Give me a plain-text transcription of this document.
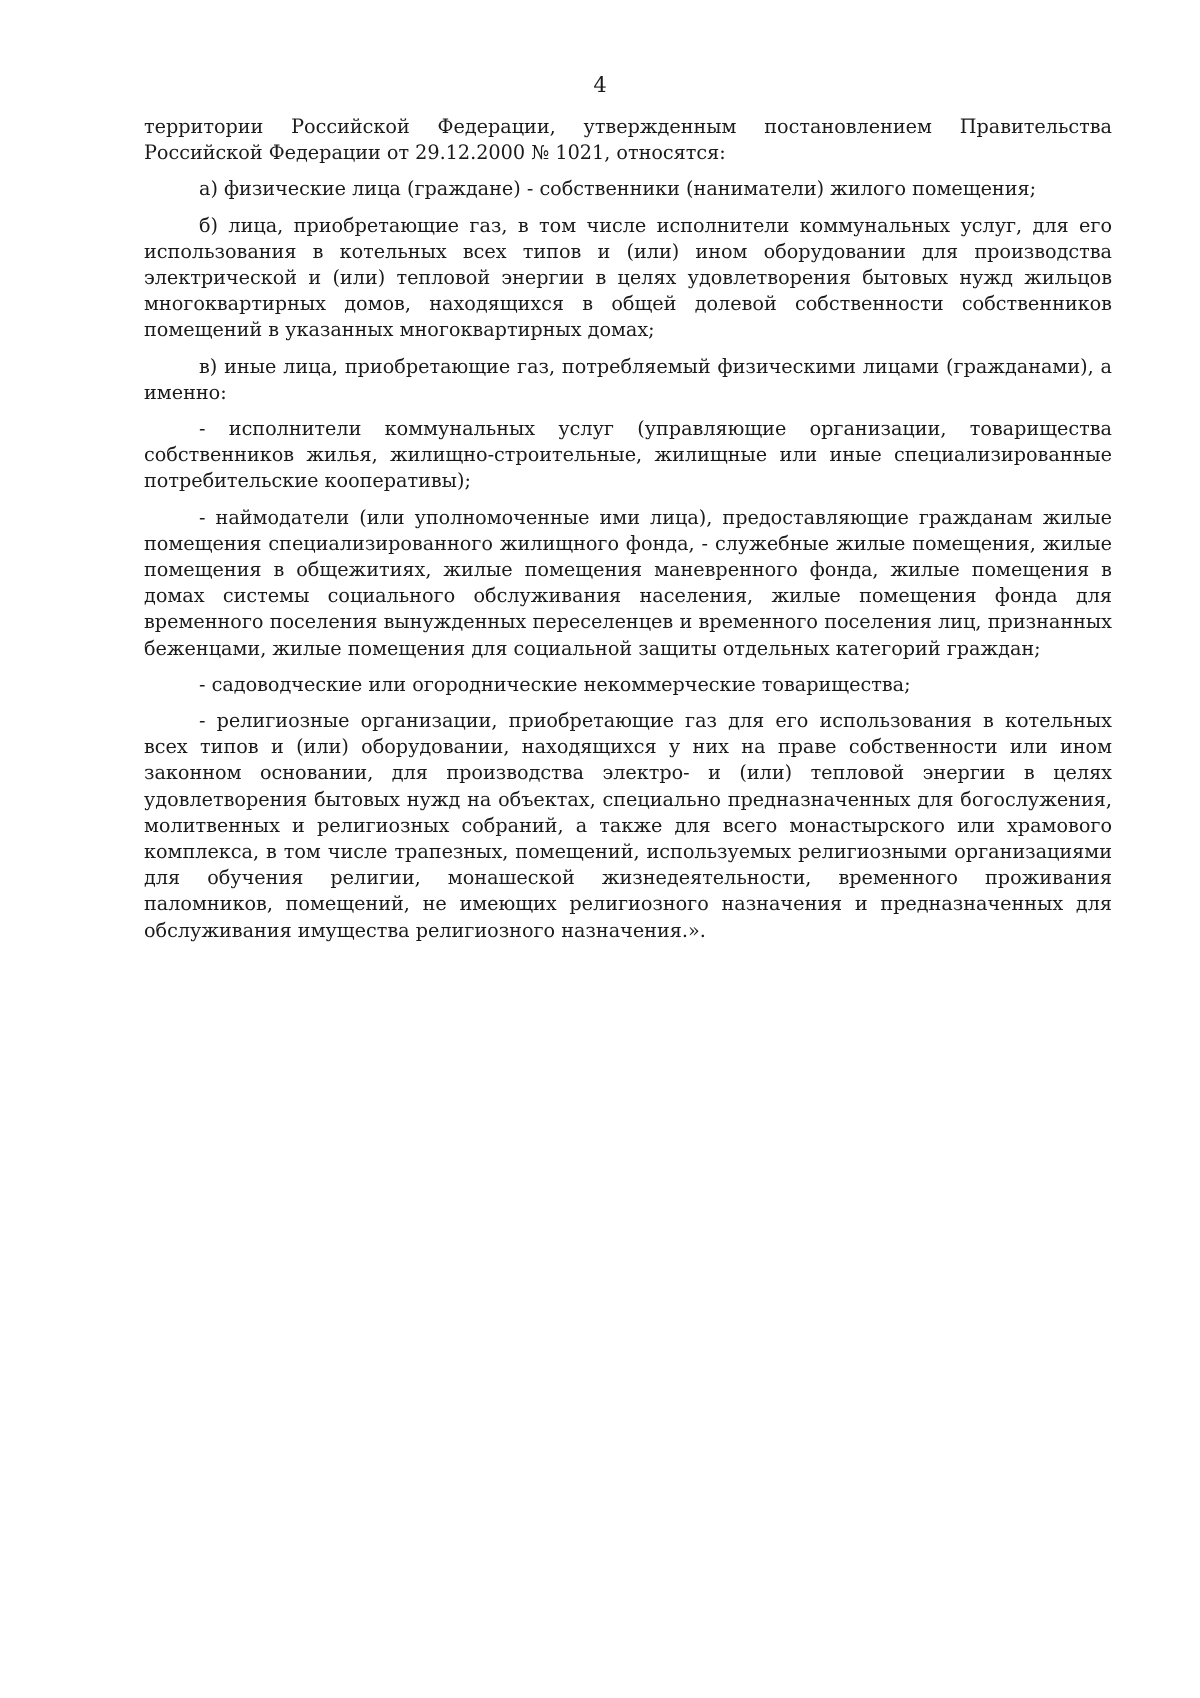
4

территории Российской Федерации, утвержденным постановлением Правительства Российской Федерации от 29.12.2000 № 1021, относятся:

а) физические лица (граждане) - собственники (наниматели) жилого помещения;

б) лица, приобретающие газ, в том числе исполнители коммунальных услуг, для его использования в котельных всех типов и (или) ином оборудовании для производства электрической и (или) тепловой энергии в целях удовлетворения бытовых нужд жильцов многоквартирных домов, находящихся в общей долевой собственности собственников помещений в указанных многоквартирных домах;

в) иные лица, приобретающие газ, потребляемый физическими лицами (гражданами), а именно:

- исполнители коммунальных услуг (управляющие организации, товарищества собственников жилья, жилищно-строительные, жилищные или иные специализированные потребительские кооперативы);

- наймодатели (или уполномоченные ими лица), предоставляющие гражданам жилые помещения специализированного жилищного фонда, - служебные жилые помещения, жилые помещения в общежитиях, жилые помещения маневренного фонда, жилые помещения в домах системы социального обслуживания населения, жилые помещения фонда для временного поселения вынужденных переселенцев и временного поселения лиц, признанных беженцами, жилые помещения для социальной защиты отдельных категорий граждан;

- садоводческие или огороднические некоммерческие товарищества;

- религиозные организации, приобретающие газ для его использования в котельных всех типов и (или) оборудовании, находящихся у них на праве собственности или ином законном основании, для производства электро- и (или) тепловой энергии в целях удовлетворения бытовых нужд на объектах, специально предназначенных для богослужения, молитвенных и религиозных собраний, а также для всего монастырского или храмового комплекса, в том числе трапезных, помещений, используемых религиозными организациями для обучения религии, монашеской жизнедеятельности, временного проживания паломников, помещений, не имеющих религиозного назначения и предназначенных для обслуживания имущества религиозного назначения.».
